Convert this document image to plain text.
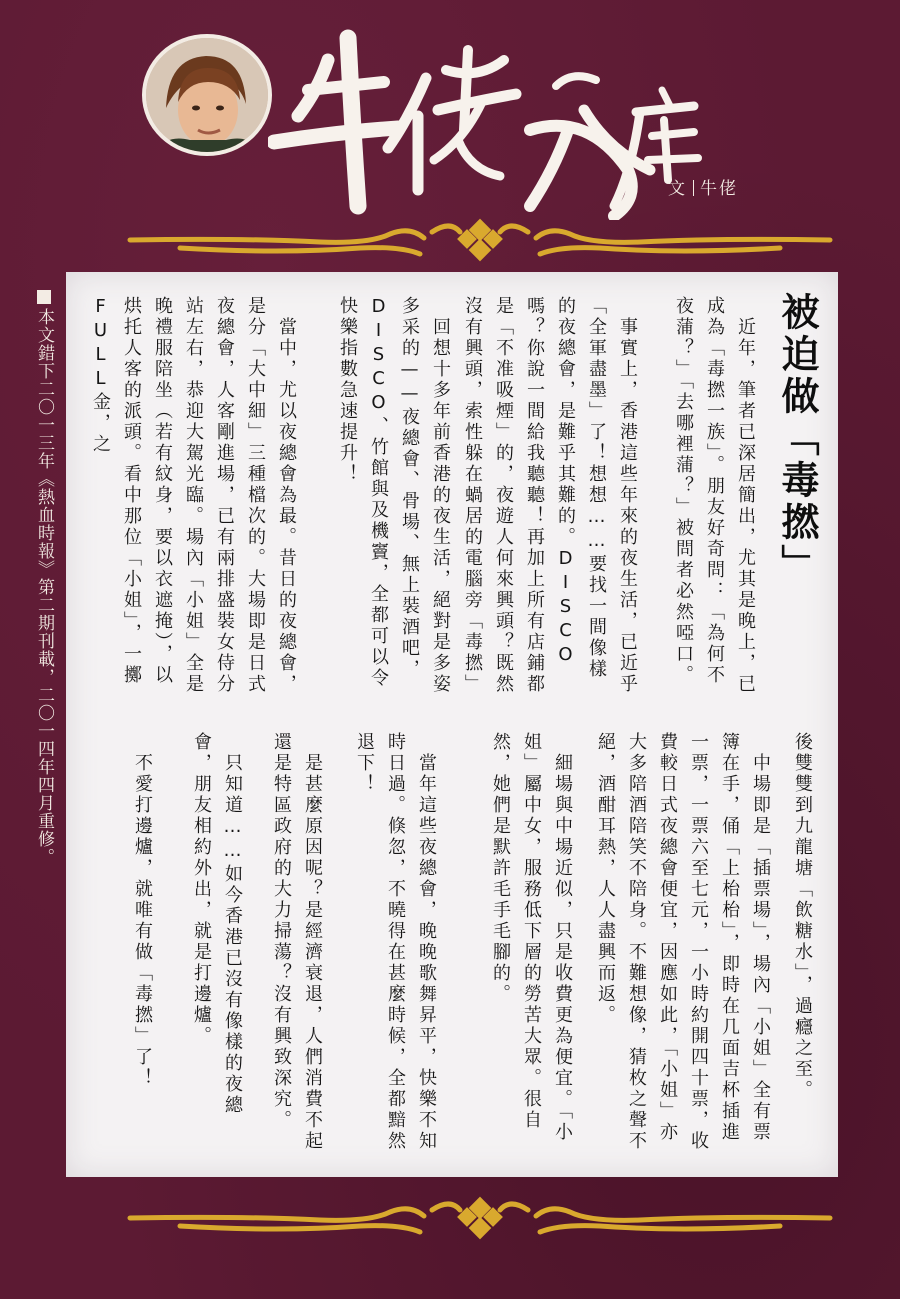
文 牛佬
本文錯下二〇一三年《熱血時報》第二期刊載，二〇一四年四月重修。	被迫做「毒撚」
　近年，筆者已深居簡出，尤其是晚上，已成為「毒撚一族」。朋友好奇問：「為何不夜蒲？」「去哪裡蒲？」被問者必然啞口。
　事實上，香港這些年來的夜生活，已近乎「全軍盡墨」了！想想……要找一間像樣的夜總會，是難乎其難的。DISCO嗎？你說一間給我聽聽！再加上所有店鋪都是「不准吸煙」的，夜遊人何來興頭？既然沒有興頭，索性躲在蝸居的電腦旁「毒撚」
　回想十多年前香港的夜生活，絕對是多姿多采的——夜總會、骨場、無上裝酒吧，DISCO、竹館與及機竇，全都可以令快樂指數急速提升！
　當中，尤以夜總會為最。昔日的夜總會，是分「大中細」三種檔次的。大場即是日式夜總會，人客剛進場，已有兩排盛裝女侍分站左右，恭迎大駕光臨。場內「小姐」全是晚禮服陪坐（若有紋身，要以衣遮掩），以烘托人客的派頭。看中那位「小姐」，一擲FULL金，之
後雙雙到九龍塘「飲糖水」，過癮之至。
　中場即是「插票場」，場內「小姐」全有票簿在手，俑「上枱枱」，即時在几面吉杯插進一票，一票六至七元，一小時約開四十票，收費較日式夜總會便宜，因應如此，「小姐」亦大多陪酒陪笑不陪身。不難想像，猜枚之聲不絕，酒酣耳熱，人人盡興而返。
　細場與中場近似，只是收費更為便宜。「小姐」屬中女，服務低下層的勞苦大眾。很自然，她們是默許毛手毛腳的。
　當年這些夜總會，晚晚歌舞昇平，快樂不知時日過。倏忽，不曉得在甚麼時候，全都黯然退下！
　是甚麼原因呢？是經濟衰退，人們消費不起還是特區政府的大力掃蕩？沒有興致深究。
　只知道……如今香港已沒有像樣的夜總會，朋友相約外出，就是打邊爐。
　不愛打邊爐，就唯有做「毒撚」了！
